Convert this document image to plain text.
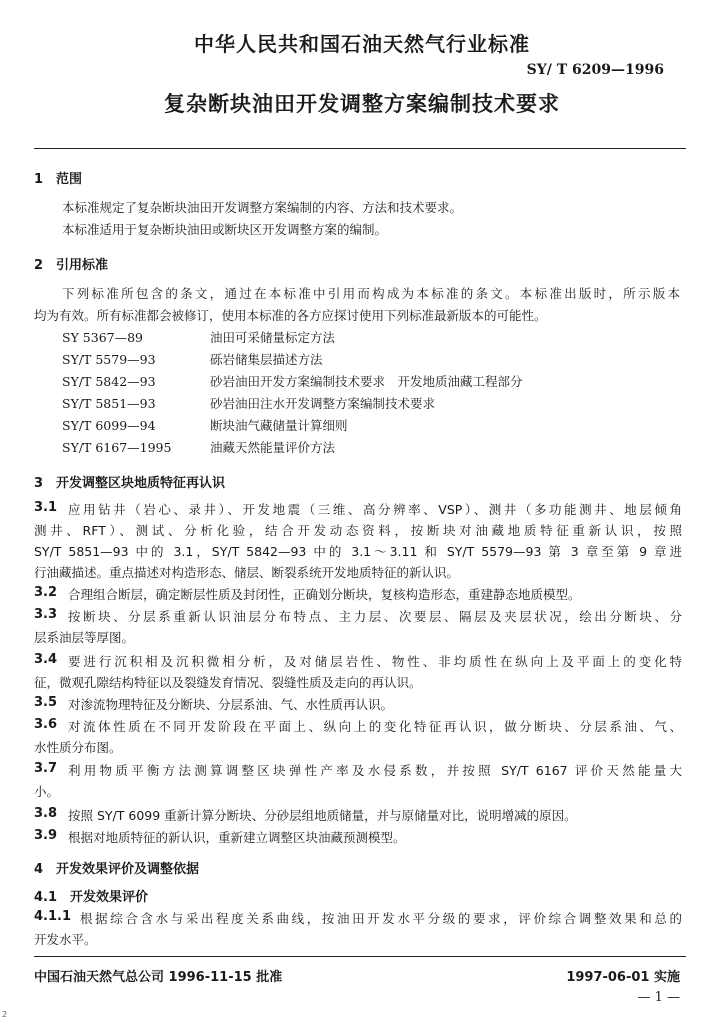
中华人民共和国石油天然气行业标准
SY/ T 6209—1996
复杂断块油田开发调整方案编制技术要求
1　范围
本标准规定了复杂断块油田开发调整方案编制的内容、方法和技术要求。
本标准适用于复杂断块油田或断块区开发调整方案的编制。
2　引用标准
下列标准所包含的条文，通过在本标准中引用而构成为本标准的条文。本标准出版时，所示版本
均为有效。所有标准都会被修订，使用本标准的各方应探讨使用下列标准最新版本的可能性。
SY 5367—89	油田可采储量标定方法
SY/T 5579—93	砾岩储集层描述方法
SY/T 5842—93	砂岩油田开发方案编制技术要求　开发地质油藏工程部分
SY/T 5851—93	砂岩油田注水开发调整方案编制技术要求
SY/T 6099—94	断块油气藏储量计算细则
SY/T 6167—1995	油藏天然能量评价方法
3　开发调整区块地质特征再认识
3.1 应用钻井（岩心、录井）、开发地震（三维、高分辨率、VSP）、测井（多功能测井、地层倾角
测井、RFT）、测试、分析化验，结合开发动态资料，按断块对油藏地质特征重新认识，按照
SY/T 5851—93 中的 3.1，SY/T 5842—93 中的 3.1～3.11 和 SY/T 5579—93 第 3 章至第 9 章进
行油藏描述。重点描述对构造形态、储层、断裂系统开发地质特征的新认识。
3.2 合理组合断层，确定断层性质及封闭性，正确划分断块，复核构造形态，重建静态地质模型。
3.3 按断块、分层系重新认识油层分布特点、主力层、次要层、隔层及夹层状况，绘出分断块、分
层系油层等厚图。
3.4 要进行沉积相及沉积微相分析，及对储层岩性、物性、非均质性在纵向上及平面上的变化特
征，微观孔隙结构特征以及裂缝发育情况、裂缝性质及走向的再认识。
3.5 对渗流物理特征及分断块、分层系油、气、水性质再认识。
3.6 对流体性质在不同开发阶段在平面上、纵向上的变化特征再认识，做分断块、分层系油、气、
水性质分布图。
3.7 利用物质平衡方法测算调整区块弹性产率及水侵系数，并按照 SY/T 6167 评价天然能量大
小。
3.8 按照 SY/T 6099 重新计算分断块、分砂层组地质储量，并与原储量对比，说明增减的原因。
3.9 根据对地质特征的新认识，重新建立调整区块油藏预测模型。
4　开发效果评价及调整依据
4.1　开发效果评价
4.1.1 根据综合含水与采出程度关系曲线，按油田开发水平分级的要求，评价综合调整效果和总的
开发水平。
中国石油天然气总公司 1996-11-15 批准	1997-06-01 实施
— 1 —
2
